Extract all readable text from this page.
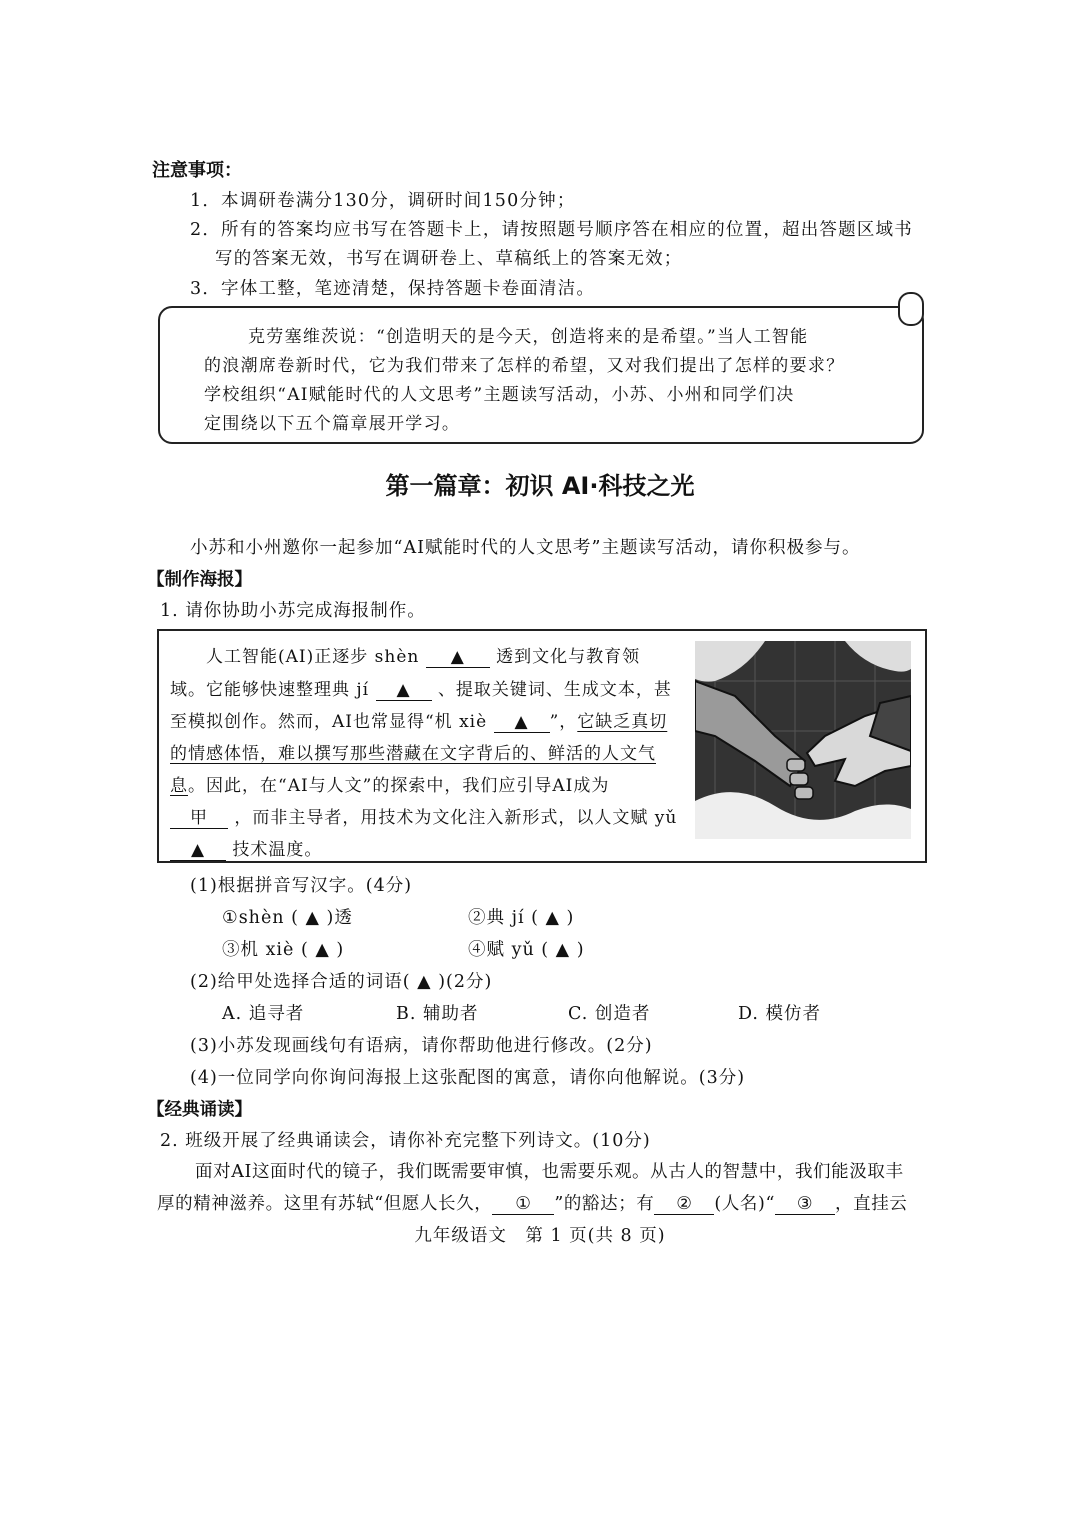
注意事项：
1．本调研卷满分130分，调研时间150分钟；
2．所有的答案均应书写在答题卡上，请按照题号顺序答在相应的位置，超出答题区域书
写的答案无效，书写在调研卷上、草稿纸上的答案无效；
3．字体工整，笔迹清楚，保持答题卡卷面清洁。
克劳塞维茨说：“创造明天的是今天，创造将来的是希望。”当人工智能
的浪潮席卷新时代，它为我们带来了怎样的希望，又对我们提出了怎样的要求？
学校组织“AI赋能时代的人文思考”主题读写活动，小苏、小州和同学们决
定围绕以下五个篇章展开学习。
第一篇章：初识 AI·科技之光
小苏和小州邀你一起参加“AI赋能时代的人文思考”主题读写活动，请你积极参与。
【制作海报】
1. 请你协助小苏完成海报制作。
人工智能(AI)正逐步 shèn ▲ 透到文化与教育领
域。它能够快速整理典 jí ▲ 、提取关键词、生成文本，甚
至模拟创作。然而，AI也常显得“机 xiè ▲ ”，它缺乏真切
的情感体悟，难以撰写那些潜藏在文字背后的、鲜活的人文气
息。因此，在“AI与人文”的探索中，我们应引导AI成为
甲 ，而非主导者，用技术为文化注入新形式，以人文赋 yǔ
▲ 技术温度。
(1)根据拼音写汉字。(4分)
①shèn ( ▲ )透	②典 jí ( ▲ )
③机 xiè ( ▲ )	④赋 yǔ ( ▲ )
(2)给甲处选择合适的词语( ▲ )(2分)
A. 追寻者	B. 辅助者	C. 创造者	D. 模仿者
(3)小苏发现画线句有语病，请你帮助他进行修改。(2分)
(4)一位同学向你询问海报上这张配图的寓意，请你向他解说。(3分)
【经典诵读】
2. 班级开展了经典诵读会，请你补充完整下列诗文。(10分)
面对AI这面时代的镜子，我们既需要审慎，也需要乐观。从古人的智慧中，我们能汲取丰
厚的精神滋养。这里有苏轼“但愿人长久， ① ”的豁达；有 ② (人名)“ ③ ，直挂云
九年级语文　第 1 页(共 8 页)
